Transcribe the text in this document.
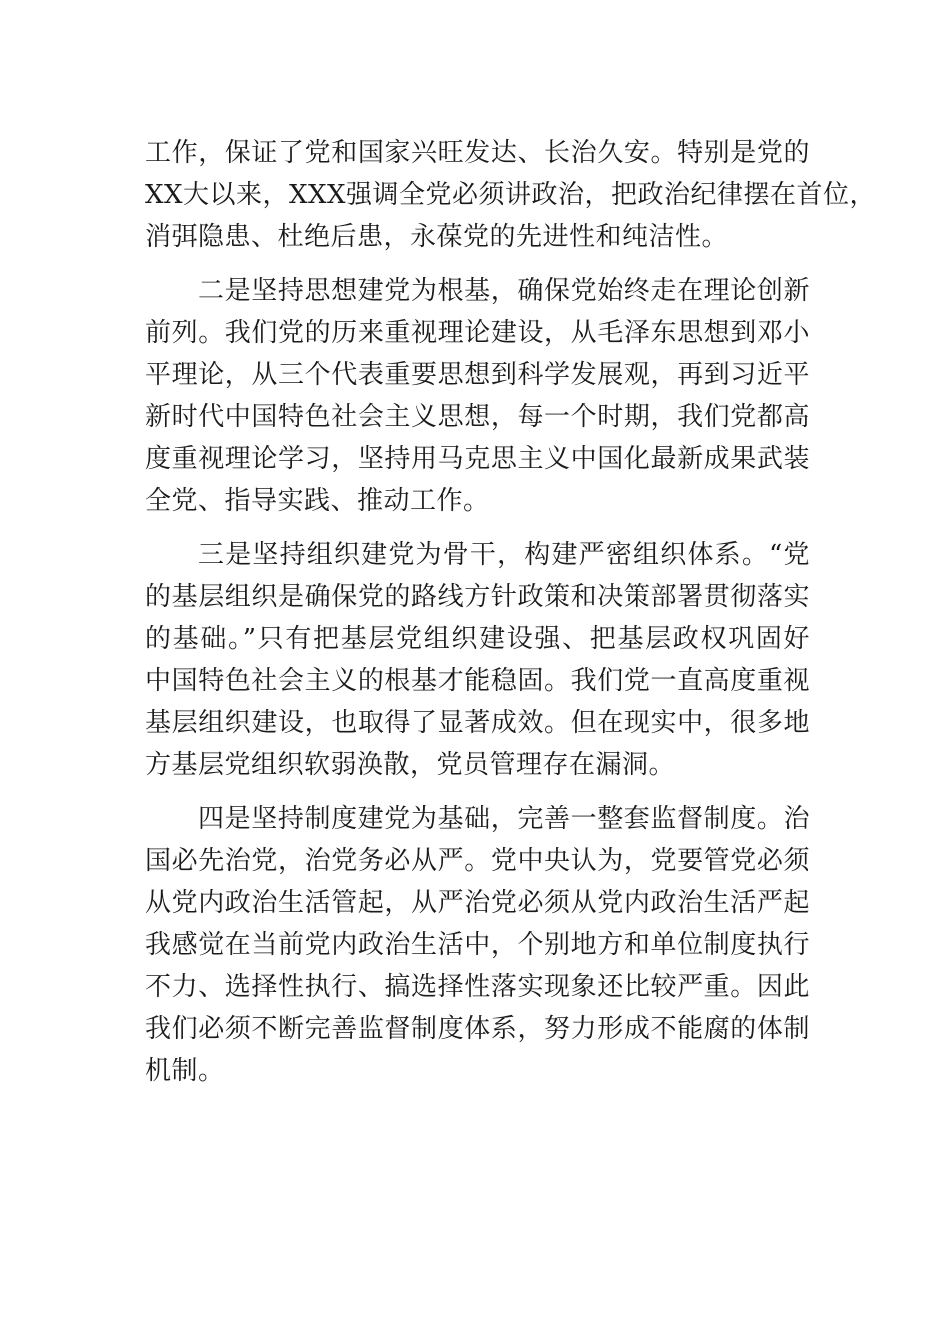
工作，保证了党和国家兴旺发达、长治久安。特别是党的
XX大以来，XXX强调全党必须讲政治，把政治纪律摆在首位，
消弭隐患、杜绝后患，永葆党的先进性和纯洁性。
二是坚持思想建党为根基，确保党始终走在理论创新
前列。我们党的历来重视理论建设，从毛泽东思想到邓小
平理论，从三个代表重要思想到科学发展观，再到习近平
新时代中国特色社会主义思想，每一个时期，我们党都高
度重视理论学习，坚持用马克思主义中国化最新成果武装
全党、指导实践、推动工作。
三是坚持组织建党为骨干，构建严密组织体系。“党
的基层组织是确保党的路线方针政策和决策部署贯彻落实
的基础。”只有把基层党组织建设强、把基层政权巩固好
中国特色社会主义的根基才能稳固。我们党一直高度重视
基层组织建设，也取得了显著成效。但在现实中，很多地
方基层党组织软弱涣散，党员管理存在漏洞。
四是坚持制度建党为基础，完善一整套监督制度。治
国必先治党，治党务必从严。党中央认为，党要管党必须
从党内政治生活管起，从严治党必须从党内政治生活严起
我感觉在当前党内政治生活中，个别地方和单位制度执行
不力、选择性执行、搞选择性落实现象还比较严重。因此
我们必须不断完善监督制度体系，努力形成不能腐的体制
机制。
